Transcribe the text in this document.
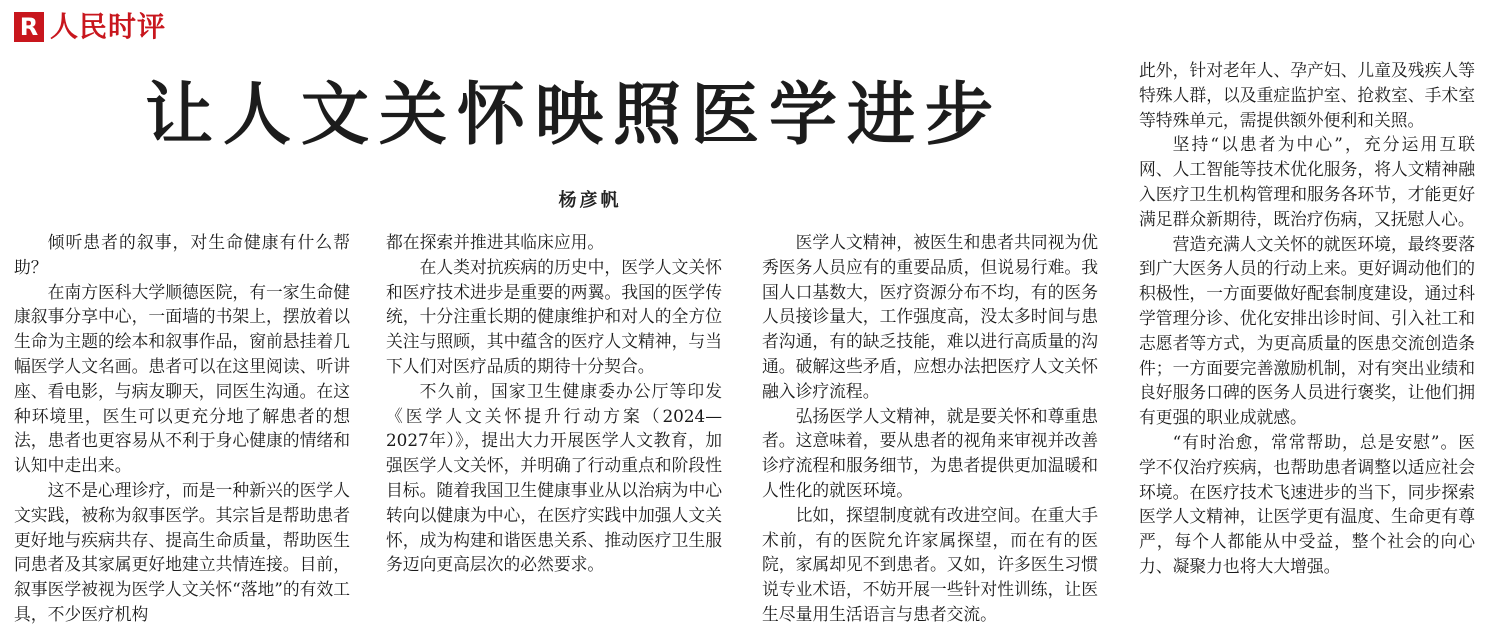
R 人民时评
让人文关怀映照医学进步
杨彦帆

倾听患者的叙事，对生命健康有什么帮助？

在南方医科大学顺德医院，有一家生命健康叙事分享中心，一面墙的书架上，摆放着以生命为主题的绘本和叙事作品，窗前悬挂着几幅医学人文名画。患者可以在这里阅读、听讲座、看电影，与病友聊天，同医生沟通。在这种环境里，医生可以更充分地了解患者的想法，患者也更容易从不利于身心健康的情绪和认知中走出来。

这不是心理诊疗，而是一种新兴的医学人文实践，被称为叙事医学。其宗旨是帮助患者更好地与疾病共存、提高生命质量，帮助医生同患者及其家属更好地建立共情连接。目前，叙事医学被视为医学人文关怀“落地”的有效工具，不少医疗机构

都在探索并推进其临床应用。

在人类对抗疾病的历史中，医学人文关怀和医疗技术进步是重要的两翼。我国的医学传统，十分注重长期的健康维护和对人的全方位关注与照顾，其中蕴含的医疗人文精神，与当下人们对医疗品质的期待十分契合。

不久前，国家卫生健康委办公厅等印发《医学人文关怀提升行动方案（2024—2027年）》，提出大力开展医学人文教育，加强医学人文关怀，并明确了行动重点和阶段性目标。随着我国卫生健康事业从以治病为中心转向以健康为中心，在医疗实践中加强人文关怀，成为构建和谐医患关系、推动医疗卫生服务迈向更高层次的必然要求。

医学人文精神，被医生和患者共同视为优秀医务人员应有的重要品质，但说易行难。我国人口基数大，医疗资源分布不均，有的医务人员接诊量大，工作强度高，没太多时间与患者沟通，有的缺乏技能，难以进行高质量的沟通。破解这些矛盾，应想办法把医疗人文关怀融入诊疗流程。

弘扬医学人文精神，就是要关怀和尊重患者。这意味着，要从患者的视角来审视并改善诊疗流程和服务细节，为患者提供更加温暖和人性化的就医环境。

比如，探望制度就有改进空间。在重大手术前，有的医院允许家属探望，而在有的医院，家属却见不到患者。又如，许多医生习惯说专业术语，不妨开展一些针对性训练，让医生尽量用生活语言与患者交流。

此外，针对老年人、孕产妇、儿童及残疾人等特殊人群，以及重症监护室、抢救室、手术室等特殊单元，需提供额外便利和关照。

坚持“以患者为中心”，充分运用互联网、人工智能等技术优化服务，将人文精神融入医疗卫生机构管理和服务各环节，才能更好满足群众新期待，既治疗伤病，又抚慰人心。

营造充满人文关怀的就医环境，最终要落到广大医务人员的行动上来。更好调动他们的积极性，一方面要做好配套制度建设，通过科学管理分诊、优化安排出诊时间、引入社工和志愿者等方式，为更高质量的医患交流创造条件；一方面要完善激励机制，对有突出业绩和良好服务口碑的医务人员进行褒奖，让他们拥有更强的职业成就感。

“有时治愈，常常帮助，总是安慰”。医学不仅治疗疾病，也帮助患者调整以适应社会环境。在医疗技术飞速进步的当下，同步探索医学人文精神，让医学更有温度、生命更有尊严，每个人都能从中受益，整个社会的向心力、凝聚力也将大大增强。
